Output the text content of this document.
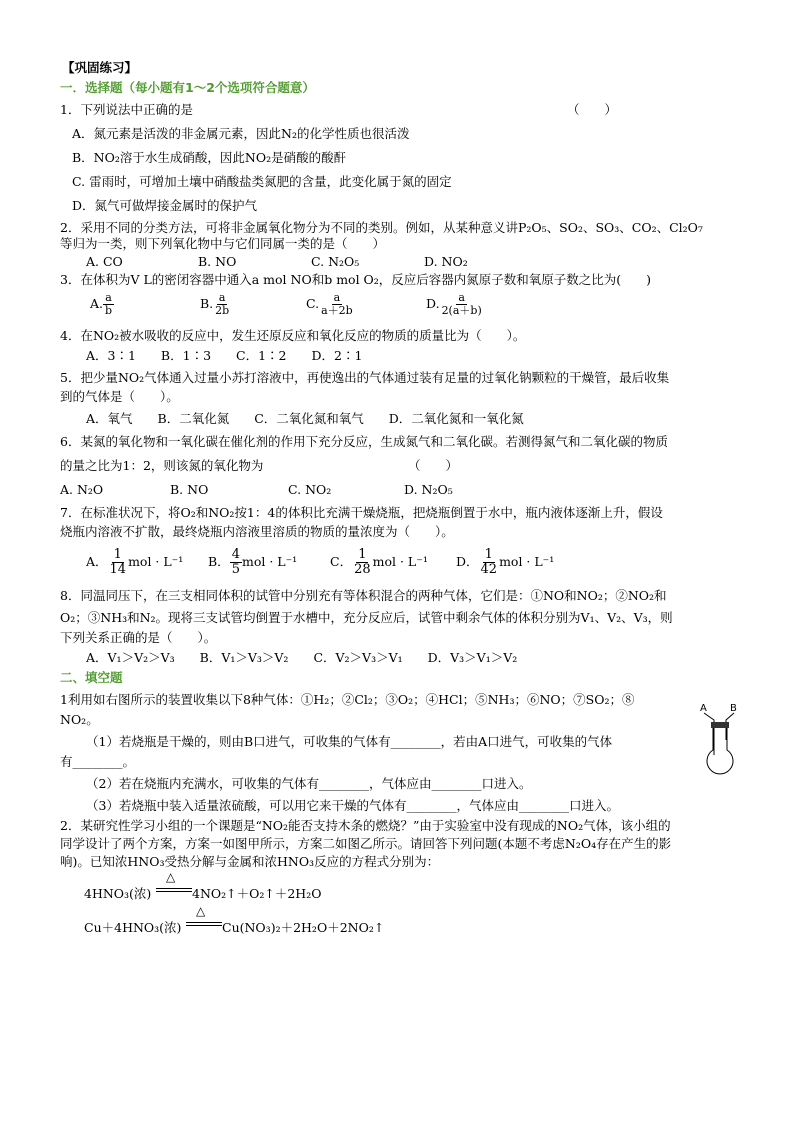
【巩固练习】
一．选择题（每小题有1～2个选项符合题意）
1．下列说法中正确的是	（　　）
A．氮元素是活泼的非金属元素，因此N₂的化学性质也很活泼
B．NO₂溶于水生成硝酸，因此NO₂是硝酸的酸酐
C. 雷雨时，可增加土壤中硝酸盐类氮肥的含量，此变化属于氮的固定
D．氮气可做焊接金属时的保护气
2．采用不同的分类方法，可将非金属氧化物分为不同的类别。例如，从某种意义讲P₂O₅、SO₂、SO₃、CO₂、Cl₂O₇
等归为一类，则下列氧化物中与它们同属一类的是（　　）
A. CO	B. NO	C. N₂O₅	D. NO₂
3．在体积为V L的密闭容器中通入a mol NO和b mol O₂，反应后容器内氮原子数和氧原子数之比为(　　)
A. $\frac{a}{b}$	B. $\frac{a}{2b}$	C. $\frac{a}{a+2b}$	D. $\frac{a}{2(a+b)}$
4．在NO₂被水吸收的反应中，发生还原反应和氧化反应的物质的质量比为（　　）。
A．3∶1　　B．1∶3　　C．1∶2　　D．2∶1
5．把少量NO₂气体通入过量小苏打溶液中，再使逸出的气体通过装有足量的过氧化钠颗粒的干燥管，最后收集
到的气体是（　　）。
A．氧气　　B．二氧化氮　　C．二氧化氮和氧气　　D．二氧化氮和一氧化氮
6．某氮的氧化物和一氧化碳在催化剂的作用下充分反应，生成氮气和二氧化碳。若测得氮气和二氧化碳的物质
的量之比为1：2，则该氮的氧化物为	（　　）
A. N₂O	B. NO	C. NO₂	D. N₂O₅
7．在标准状况下，将O₂和NO₂按1：4的体积比充满干燥烧瓶，把烧瓶倒置于水中，瓶内液体逐渐上升，假设
烧瓶内溶液不扩散，最终烧瓶内溶液里溶质的物质的量浓度为（　　）。
A． $\frac{1}{14}$ mol · L⁻¹ B． $\frac{4}{5}$ mol · L⁻¹	C． $\frac{1}{28}$ mol · L⁻¹ D． $\frac{1}{42}$ mol · L⁻¹
8．同温同压下，在三支相同体积的试管中分别充有等体积混合的两种气体，它们是：①NO和NO₂；②NO₂和
O₂；③NH₃和N₂。现将三支试管均倒置于水槽中，充分反应后，试管中剩余气体的体积分别为V₁、V₂、V₃，则
下列关系正确的是（　　）。
A．V₁＞V₂＞V₃　　B．V₁＞V₃＞V₂　　C．V₂＞V₃＞V₁　　D．V₃＞V₁＞V₂
二、填空题
1利用如右图所示的装置收集以下8种气体：①H₂；②Cl₂；③O₂；④HCl；⑤NH₃；⑥NO；⑦SO₂；⑧
NO₂。
（1）若烧瓶是干燥的，则由B口进气，可收集的气体有________，若由A口进气，可收集的气体
有________。
（2）若在烧瓶内充满水，可收集的气体有________，气体应由________口进入。
（3）若烧瓶中装入适量浓硫酸，可以用它来干燥的气体有________，气体应由________口进入。
A B
2．某研究性学习小组的一个课题是“NO₂能否支持木条的燃烧？”由于实验室中没有现成的NO₂气体，该小组的
同学设计了两个方案，方案一如图甲所示，方案二如图乙所示。请回答下列问题(本题不考虑N₂O₄存在产生的影
响)。已知浓HNO₃受热分解与金属和浓HNO₃反应的方程式分别为：
4HNO₃(浓)
△
4NO₂↑＋O₂↑＋2H₂O
Cu＋4HNO₃(浓)
△
Cu(NO₃)₂＋2H₂O＋2NO₂↑
